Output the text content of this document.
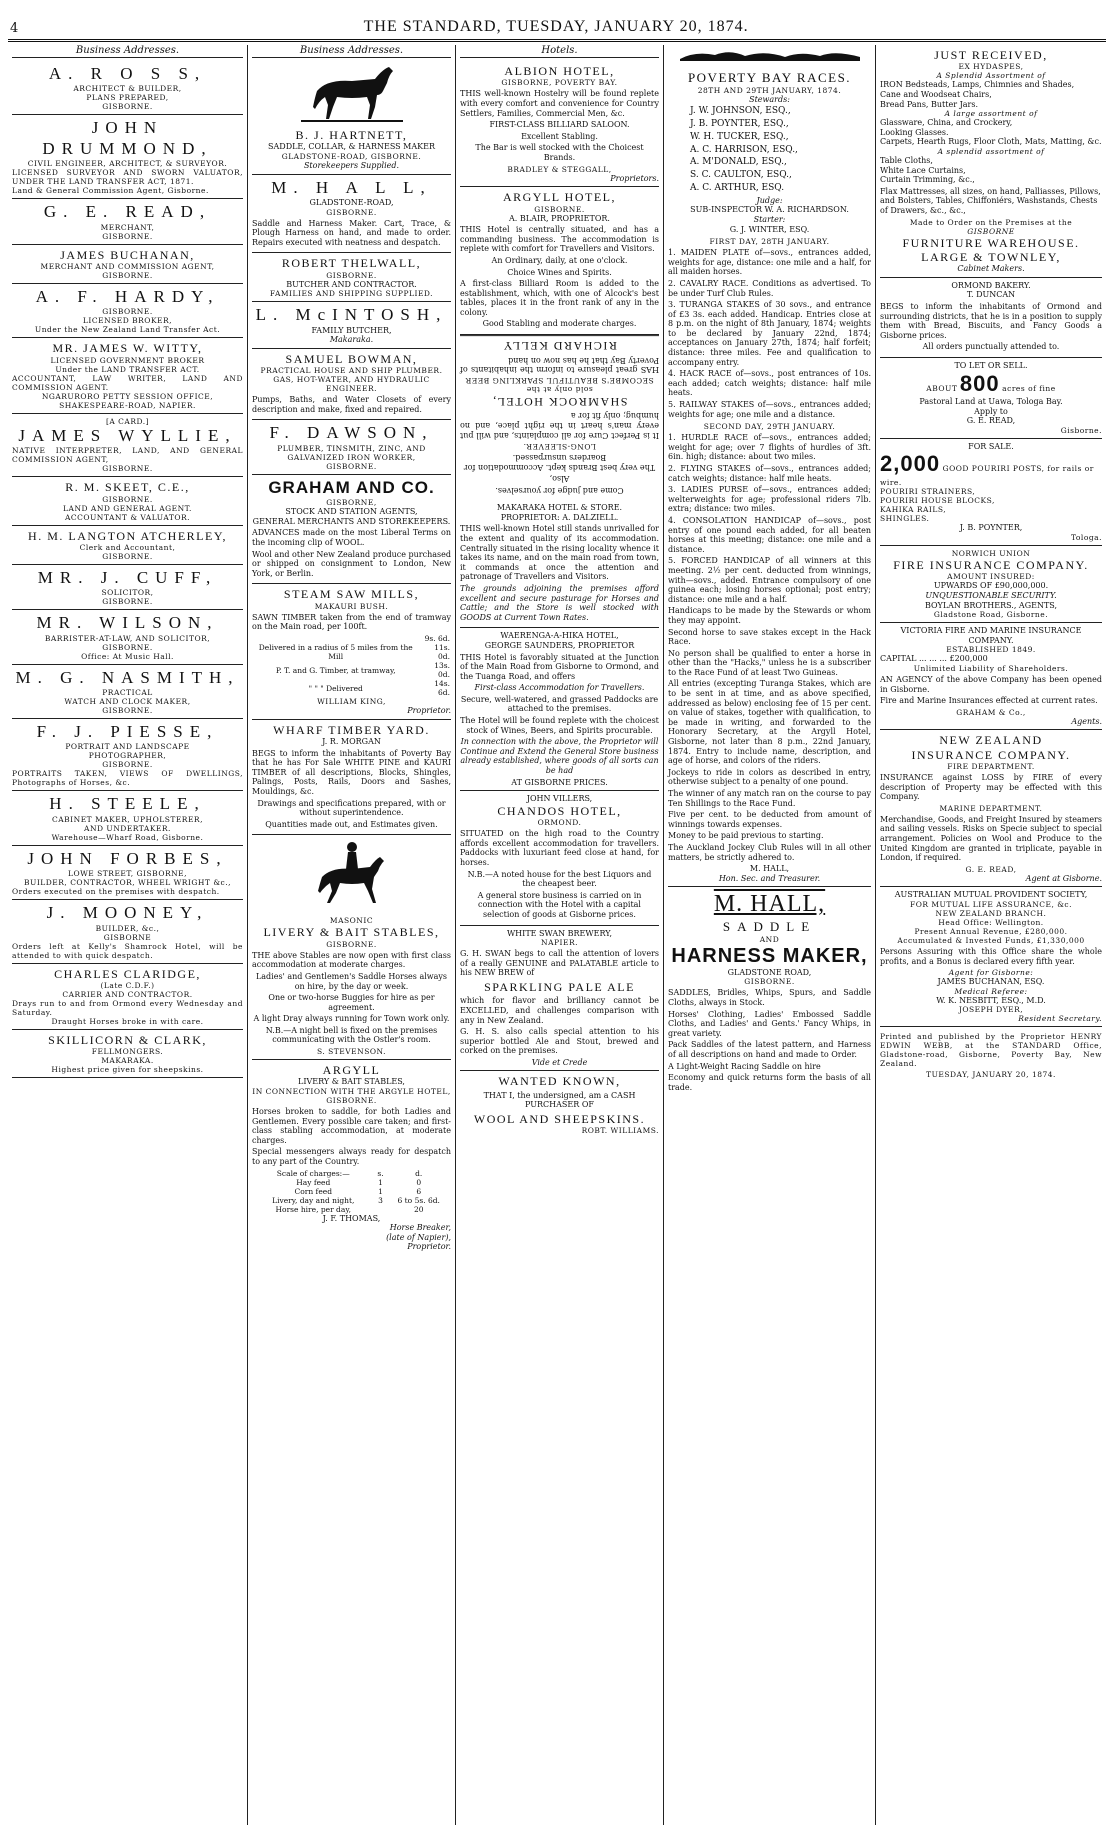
4	THE STANDARD, TUESDAY, JANUARY 20, 1874.
Business Addresses.
A. R O S S,
ARCHITECT & BUILDER,
PLANS PREPARED,
GISBORNE.
JOHN DRUMMOND,
CIVIL ENGINEER, ARCHITECT, & SURVEYOR.
LICENSED SURVEYOR AND SWORN VALUATOR, UNDER THE LAND TRANSFER ACT, 1871.
Land & General Commission Agent, Gisborne.
G. E. READ,
MERCHANT,
GISBORNE.
JAMES BUCHANAN,
MERCHANT AND COMMISSION AGENT,
GISBORNE.
A. F. HARDY,
GISBORNE.
LICENSED BROKER,
Under the New Zealand Land Transfer Act.
MR. JAMES W. WITTY,
LICENSED GOVERNMENT BROKER
Under the LAND TRANSFER ACT.
ACCOUNTANT, LAW WRITER, LAND AND COMMISSION AGENT.
NGARURORO PETTY SESSION OFFICE,
SHAKESPEARE-ROAD, NAPIER.
[A CARD.]
JAMES WYLLIE,
NATIVE INTERPRETER, LAND, AND GENERAL COMMISSION AGENT,
GISBORNE.
R. M. SKEET, C.E.,
GISBORNE.
LAND AND GENERAL AGENT.
ACCOUNTANT & VALUATOR.
H. M. LANGTON ATCHERLEY,
Clerk and Accountant,
GISBORNE.
MR. J. CUFF,
SOLICITOR,
GISBORNE.
MR. WILSON,
BARRISTER-AT-LAW, AND SOLICITOR,
GISBORNE.
Office: At Music Hall.
M. G. NASMITH,
PRACTICAL
WATCH AND CLOCK MAKER,
GISBORNE.
F. J. PIESSE,
PORTRAIT AND LANDSCAPE
PHOTOGRAPHER,
GISBORNE.
PORTRAITS TAKEN, VIEWS OF DWELLINGS, Photographs of Horses, &c.
H. STEELE,
CABINET MAKER, UPHOLSTERER,
AND UNDERTAKER.
Warehouse—Wharf Road, Gisborne.
JOHN FORBES,
LOWE STREET, GISBORNE,
BUILDER, CONTRACTOR, WHEEL WRIGHT &c.,
Orders executed on the premises with despatch.
J. MOONEY,
BUILDER, &c.,
GISBORNE
Orders left at Kelly's Shamrock Hotel, will be attended to with quick despatch.
CHARLES CLARIDGE,
(Late C.D.F.)
CARRIER AND CONTRACTOR.
Drays run to and from Ormond every Wednesday and Saturday.
Draught Horses broke in with care.
SKILLICORN & CLARK,
FELLMONGERS.
MAKARAKA.
Highest price given for sheepskins.
Business Addresses.
B. J. HARTNETT,
SADDLE, COLLAR, & HARNESS MAKER
GLADSTONE-ROAD, GISBORNE.
Storekeepers Supplied.
M. H A L L,
GLADSTONE-ROAD,
GISBORNE.

Saddle and Harness Maker. Cart, Trace, & Plough Harness on hand, and made to order. Repairs executed with neatness and despatch.

ROBERT THELWALL,
GISBORNE.
BUTCHER AND CONTRACTOR.
FAMILIES AND SHIPPING SUPPLIED.
L. McINTOSH,
FAMILY BUTCHER,
Makaraka.
SAMUEL BOWMAN,
PRACTICAL HOUSE AND SHIP PLUMBER.
GAS, HOT-WATER, AND HYDRAULIC ENGINEER.

Pumps, Baths, and Water Closets of every description and make, fixed and repaired.

F. DAWSON,
PLUMBER, TINSMITH, ZINC, AND GALVANIZED IRON WORKER,
GISBORNE.
GRAHAM AND CO.
GISBORNE,
STOCK AND STATION AGENTS,
GENERAL MERCHANTS AND STOREKEEPERS.

ADVANCES made on the most Liberal Terms on the incoming clip of WOOL.

Wool and other New Zealand produce purchased or shipped on consignment to London, New York, or Berlin.

STEAM SAW MILLS,
MAKAURI BUSH.

SAWN TIMBER taken from the end of tramway on the Main road, per 100ft.

	9s. 6d.
Delivered in a radius of 5 miles from the Mill	11s. 0d.
P. T. and G. Timber, at tramway,	13s. 0d.
" " " Delivered	14s. 6d.
WILLIAM KING,
Proprietor.
WHARF TIMBER YARD.
J. R. MORGAN

BEGS to inform the inhabitants of Poverty Bay that he has For Sale WHITE PINE and KAURI TIMBER of all descriptions, Blocks, Shingles, Palings, Posts, Rails, Doors and Sashes, Mouldings, &c.

Drawings and specifications prepared, with or without superintendence.

Quantities made out, and Estimates given.

MASONIC
LIVERY & BAIT STABLES,
GISBORNE.

THE above Stables are now open with first class accommodation at moderate charges.

Ladies' and Gentlemen's Saddle Horses always on hire, by the day or week.

One or two-horse Buggies for hire as per agreement.

A light Dray always running for Town work only.

N.B.—A night bell is fixed on the premises communicating with the Ostler's room.

S. STEVENSON.
ARGYLL
LIVERY & BAIT STABLES,
IN CONNECTION WITH THE ARGYLE HOTEL, GISBORNE.

Horses broken to saddle, for both Ladies and Gentlemen. Every possible care taken; and first-class stabling accommodation, at moderate charges.

Special messengers always ready for despatch to any part of the Country.

Scale of charges:—	s.	d.
Hay feed	1	0
Corn feed	1	6
Livery, day and night,	3	6 to 5s. 6d.
Horse hire, per day,		20
J. F. THOMAS,
Horse Breaker,
(late of Napier),
Proprietor.
Hotels.
ALBION HOTEL,
GISBORNE, POVERTY BAY.

THIS well-known Hostelry will be found replete with every comfort and convenience for Country Settlers, Families, Commercial Men, &c.

FIRST-CLASS BILLIARD SALOON.

Excellent Stabling.

The Bar is well stocked with the Choicest Brands.

BRADLEY & STEGGALL,
Proprietors.
ARGYLL HOTEL,
GISBORNE.
A. BLAIR, PROPRIETOR.

THIS Hotel is centrally situated, and has a commanding business. The accommodation is replete with comfort for Travellers and Visitors.

An Ordinary, daily, at one o'clock.

Choice Wines and Spirits.

A first-class Billiard Room is added to the establishment, which, with one of Alcock's best tables, places it in the front rank of any in the colony.

Good Stabling and moderate charges.

Come and judge for yourselves.

Also,

The very best Brands kept. Accommodation for Boarders unsurpassed.

LONG-SLEEVER.

It is Perfect Cure for all complaints, and will put every man's heart in the right place, and no humbug; only fit for a

SHAMROCK HOTEL,
sold only at the
SECOMBE'S BEAUTIFUL SPARKLING BEER

HAS great pleasure to inform the inhabitants of Poverty Bay that he has now on hand

RICHARD KELLY
MAKARAKA HOTEL & STORE.
PROPRIETOR: A. DALZIELL.

THIS well-known Hotel still stands unrivalled for the extent and quality of its accommodation. Centrally situated in the rising locality whence it takes its name, and on the main road from town, it commands at once the attention and patronage of Travellers and Visitors.

The grounds adjoining the premises afford excellent and secure pasturage for Horses and Cattle; and the Store is well stocked with GOODS at Current Town Rates.

WAERENGA-A-HIKA HOTEL,
GEORGE SAUNDERS, PROPRIETOR

THIS Hotel is favorably situated at the Junction of the Main Road from Gisborne to Ormond, and the Tuanga Road, and offers

First-class Accommodation for Travellers.

Secure, well-watered, and grassed Paddocks are attached to the premises.

The Hotel will be found replete with the choicest stock of Wines, Beers, and Spirits procurable.

In connection with the above, the Proprietor will Continue and Extend the General Store business already established, where goods of all sorts can be had

AT GISBORNE PRICES.
JOHN VILLERS,
CHANDOS HOTEL,
ORMOND.

SITUATED on the high road to the Country affords excellent accommodation for travellers. Paddocks with luxuriant feed close at hand, for horses.

N.B.—A noted house for the best Liquors and the cheapest beer.

A general store business is carried on in connection with the Hotel with a capital selection of goods at Gisborne prices.

WHITE SWAN BREWERY,
NAPIER.

G. H. SWAN begs to call the attention of lovers of a really GENUINE and PALATABLE article to his NEW BREW of

SPARKLING PALE ALE

which for flavor and brilliancy cannot be EXCELLED, and challenges comparison with any in New Zealand.

G. H. S. also calls special attention to his superior bottled Ale and Stout, brewed and corked on the premises.

Vide et Crede
WANTED KNOWN,

THAT I, the undersigned, am a CASH PURCHASER OF

WOOL AND SHEEPSKINS.
ROBT. WILLIAMS.
POVERTY BAY RACES.
28TH AND 29TH JANUARY, 1874.
Stewards:

J. W. JOHNSON, ESQ.,

J. B. POYNTER, ESQ.,

W. H. TUCKER, ESQ.,

A. C. HARRISON, ESQ.,

A. M'DONALD, ESQ.,

S. C. CAULTON, ESQ.,

A. C. ARTHUR, ESQ.

Judge:
SUB-INSPECTOR W. A. RICHARDSON.
Starter:
G. J. WINTER, ESQ.
FIRST DAY, 28TH JANUARY.

1. MAIDEN PLATE of—sovs., entrances added, weights for age, distance: one mile and a half, for all maiden horses.

2. CAVALRY RACE. Conditions as advertised. To be under Turf Club Rules.

3. TURANGA STAKES of 30 sovs., and entrance of £3 3s. each added. Handicap. Entries close at 8 p.m. on the night of 8th January, 1874; weights to be declared by January 22nd, 1874; acceptances on January 27th, 1874; half forfeit; distance: three miles. Fee and qualification to accompany entry.

4. HACK RACE of—sovs., post entrances of 10s. each added; catch weights; distance: half mile heats.

5. RAILWAY STAKES of—sovs., entrances added; weights for age; one mile and a distance.

SECOND DAY, 29TH JANUARY.

1. HURDLE RACE of—sovs., entrances added; weight for age; over 7 flights of hurdles of 3ft. 6in. high; distance: about two miles.

2. FLYING STAKES of—sovs., entrances added; catch weights; distance: half mile heats.

3. LADIES PURSE of—sovs., entrances added; welterweights for age; professional riders 7lb. extra; distance: two miles.

4. CONSOLATION HANDICAP of—sovs., post entry of one pound each added, for all beaten horses at this meeting; distance: one mile and a distance.

5. FORCED HANDICAP of all winners at this meeting. 2½ per cent. deducted from winnings, with—sovs., added. Entrance compulsory of one guinea each; losing horses optional; post entry; distance: one mile and a half.

Handicaps to be made by the Stewards or whom they may appoint.

Second horse to save stakes except in the Hack Race.

No person shall be qualified to enter a horse in other than the "Hacks," unless he is a subscriber to the Race Fund of at least Two Guineas.

All entries (excepting Turanga Stakes, which are to be sent in at time, and as above specified, addressed as below) enclosing fee of 15 per cent. on value of stakes, together with qualification, to be made in writing, and forwarded to the Honorary Secretary, at the Argyll Hotel, Gisborne, not later than 8 p.m., 22nd January, 1874. Entry to include name, description, and age of horse, and colors of the riders.

Jockeys to ride in colors as described in entry, otherwise subject to a penalty of one pound.

The winner of any match ran on the course to pay Ten Shillings to the Race Fund.

Five per cent. to be deducted from amount of winnings towards expenses.

Money to be paid previous to starting.

The Auckland Jockey Club Rules will in all other matters, be strictly adhered to.

M. HALL,
Hon. Sec. and Treasurer.
M. HALL,
SADDLE
AND
HARNESS MAKER,
GLADSTONE ROAD,
GISBORNE.

SADDLES, Bridles, Whips, Spurs, and Saddle Cloths, always in Stock.

Horses' Clothing, Ladies' Embossed Saddle Cloths, and Ladies' and Gents.' Fancy Whips, in great variety.

Pack Saddles of the latest pattern, and Harness of all descriptions on hand and made to Order.

A Light-Weight Racing Saddle on hire

Economy and quick returns form the basis of all trade.

JUST RECEIVED,
EX HYDASPES,
A Splendid Assortment of
IRON Bedsteads, Lamps, Chimnies and Shades,
Cane and Woodseat Chairs,
Bread Pans, Butter Jars.
A large assortment of
Glassware, China, and Crockery,
Looking Glasses.
Carpets, Hearth Rugs, Floor Cloth, Mats, Matting, &c.
A splendid assortment of
Table Cloths,
White Lace Curtains,
Curtain Trimming, &c.,

Flax Mattresses, all sizes, on hand, Palliasses, Pillows, and Bolsters, Tables, Chiffoniérs, Washstands, Chests of Drawers, &c., &c.,

Made to Order on the Premises at the
GISBORNE
FURNITURE WAREHOUSE.
LARGE & TOWNLEY,
Cabinet Makers.
ORMOND BAKERY.
T. DUNCAN

BEGS to inform the inhabitants of Ormond and surrounding districts, that he is in a position to supply them with Bread, Biscuits, and Fancy Goods a Gisborne prices.

All orders punctually attended to.

TO LET OR SELL.
ABOUT 800 acres of fine
Pastoral Land at Uawa, Tologa Bay.
Apply to
G. E. READ,
Gisborne.
FOR SALE.
2,000 GOOD POURIRI POSTS, for rails or wire.
POURIRI STRAINERS,
POURIRI HOUSE BLOCKS,
KAHIKA RAILS,
SHINGLES.
J. B. POYNTER,
Tologa.
NORWICH UNION
FIRE INSURANCE COMPANY.
AMOUNT INSURED:
UPWARDS OF £90,000,000.
UNQUESTIONABLE SECURITY.
BOYLAN BROTHERS., AGENTS,
Gladstone Road, Gisborne.
VICTORIA FIRE AND MARINE INSURANCE COMPANY.
ESTABLISHED 1849.
CAPITAL ... ... ... £200,000
Unlimited Liability of Shareholders.

AN AGENCY of the above Company has been opened in Gisborne.

Fire and Marine Insurances effected at current rates.

GRAHAM & Co.,
Agents.
NEW ZEALAND
INSURANCE COMPANY.
FIRE DEPARTMENT.

INSURANCE against LOSS by FIRE of every description of Property may be effected with this Company.

MARINE DEPARTMENT.

Merchandise, Goods, and Freight Insured by steamers and sailing vessels. Risks on Specie subject to special arrangement. Policies on Wool and Produce to the United Kingdom are granted in triplicate, payable in London, if required.

G. E. READ,
Agent at Gisborne.
AUSTRALIAN MUTUAL PROVIDENT SOCIETY,
FOR MUTUAL LIFE ASSURANCE, &c.
NEW ZEALAND BRANCH.
Head Office: Wellington.
Present Annual Revenue, £280,000.
Accumulated & Invested Funds, £1,330,000

Persons Assuring with this Office share the whole profits, and a Bonus is declared every fifth year.

Agent for Gisborne:
JAMES BUCHANAN, ESQ.
Medical Referee:
W. K. NESBITT, ESQ., M.D.
JOSEPH DYER,
Resident Secretary.

Printed and published by the Proprietor HENRY EDWIN WEBB, at the STANDARD Office, Gladstone-road, Gisborne, Poverty Bay, New Zealand.

TUESDAY, JANUARY 20, 1874.
